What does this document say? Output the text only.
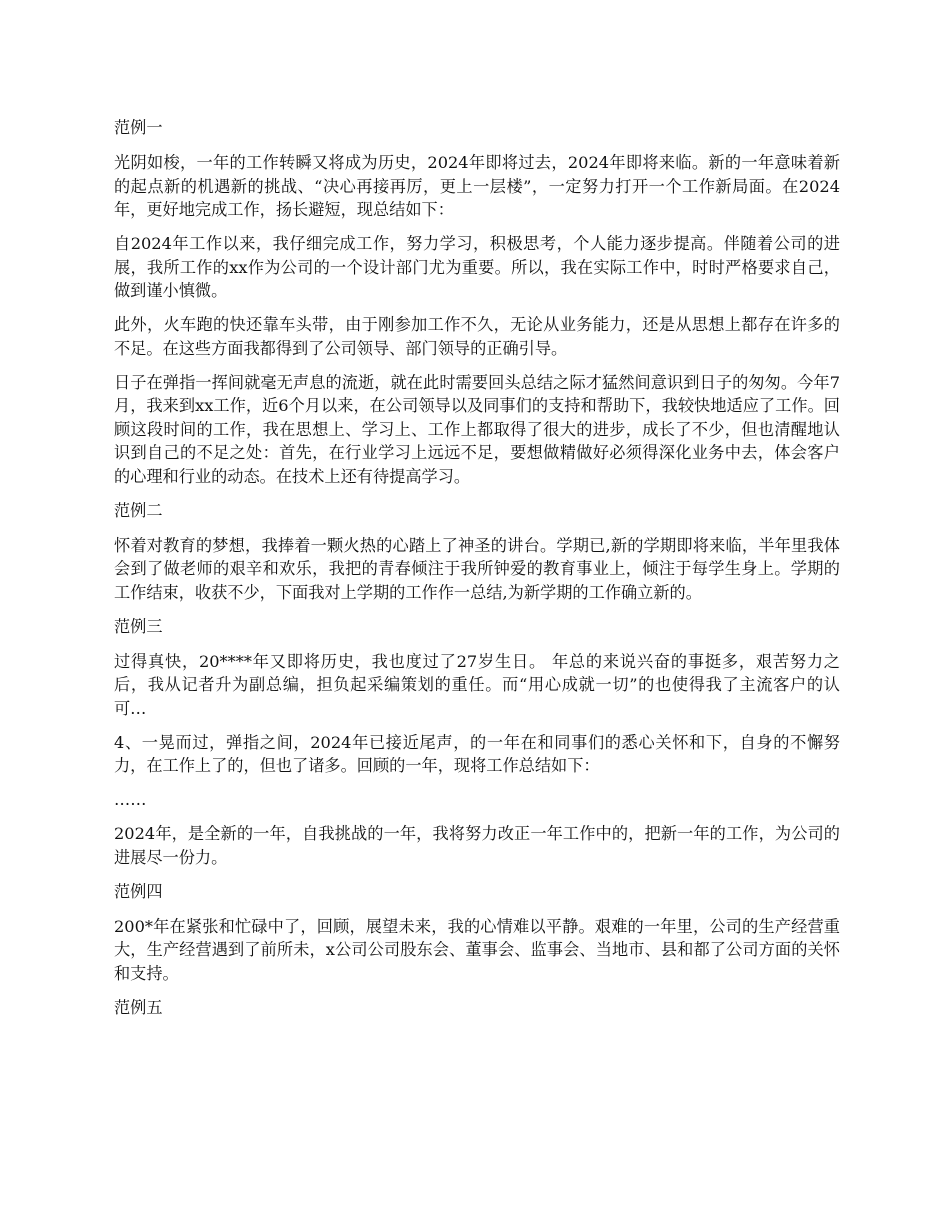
范例一

光阴如梭，一年的工作转瞬又将成为历史，2024年即将过去，2024年即将来临。新的一年意味着新的起点新的机遇新的挑战、“决心再接再厉，更上一层楼”，一定努力打开一个工作新局面。在2024年，更好地完成工作，扬长避短，现总结如下：

自2024年工作以来，我仔细完成工作，努力学习，积极思考，个人能力逐步提高。伴随着公司的进展，我所工作的xx作为公司的一个设计部门尤为重要。所以，我在实际工作中，时时严格要求自己，做到谨小慎微。

此外，火车跑的快还靠车头带，由于刚参加工作不久，无论从业务能力，还是从思想上都存在许多的不足。在这些方面我都得到了公司领导、部门领导的正确引导。

日子在弹指一挥间就毫无声息的流逝，就在此时需要回头总结之际才猛然间意识到日子的匆匆。今年7月，我来到xx工作，近6个月以来，在公司领导以及同事们的支持和帮助下，我较快地适应了工作。回顾这段时间的工作，我在思想上、学习上、工作上都取得了很大的进步，成长了不少，但也清醒地认识到自己的不足之处：首先，在行业学习上远远不足，要想做精做好必须得深化业务中去，体会客户的心理和行业的动态。在技术上还有待提高学习。

范例二

怀着对教育的梦想，我捧着一颗火热的心踏上了神圣的讲台。学期已,新的学期即将来临，半年里我体会到了做老师的艰辛和欢乐，我把的青春倾注于我所钟爱的教育事业上，倾注于每学生身上。学期的工作结束，收获不少，下面我对上学期的工作作一总结,为新学期的工作确立新的。

范例三

过得真快，20****年又即将历史，我也度过了27岁生日。 年总的来说兴奋的事挺多，艰苦努力之后，我从记者升为副总编，担负起采编策划的重任。而“用心成就一切”的也使得我了主流客户的认可…

4、一晃而过，弹指之间，2024年已接近尾声，的一年在和同事们的悉心关怀和下，自身的不懈努力，在工作上了的，但也了诸多。回顾的一年，现将工作总结如下：

……

2024年，是全新的一年，自我挑战的一年，我将努力改正一年工作中的，把新一年的工作，为公司的进展尽一份力。

范例四

200*年在紧张和忙碌中了，回顾，展望未来，我的心情难以平静。艰难的一年里，公司的生产经营重大，生产经营遇到了前所未，x公司公司股东会、董事会、监事会、当地市、县和都了公司方面的关怀和支持。

范例五
